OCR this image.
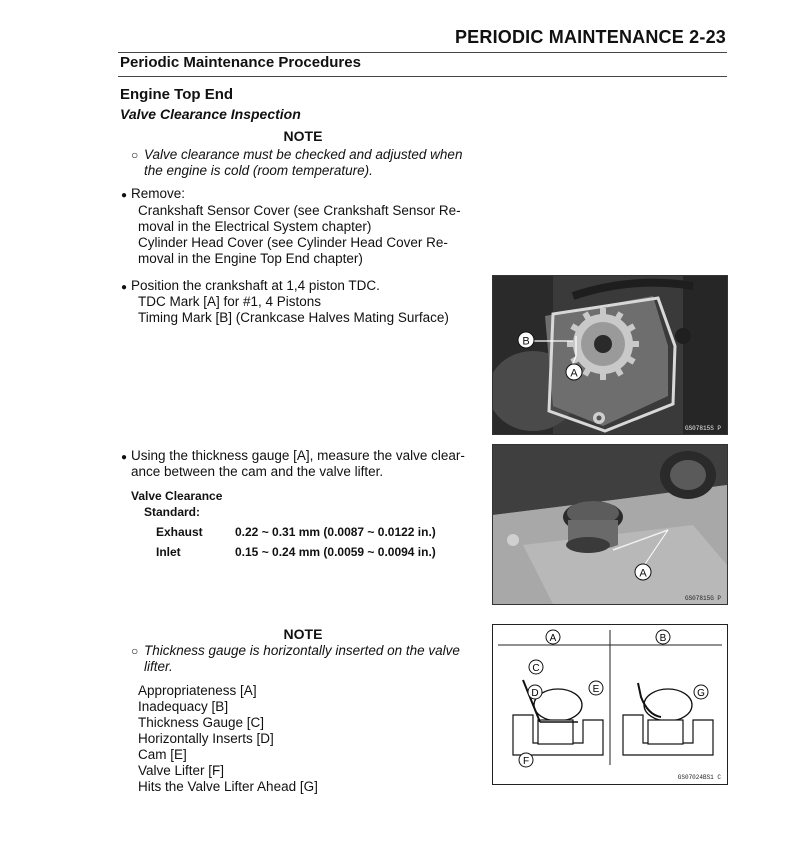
PERIODIC MAINTENANCE 2-23
Periodic Maintenance Procedures
Engine Top End
Valve Clearance Inspection
NOTE
○ Valve clearance must be checked and adjusted when
the engine is cold (room temperature).
● Remove:
Crankshaft Sensor Cover (see Crankshaft Sensor Re-
moval in the Electrical System chapter)
Cylinder Head Cover (see Cylinder Head Cover Re-
moval in the Engine Top End chapter)
● Position the crankshaft at 1,4 piston TDC.
TDC Mark [A] for #1, 4 Pistons
Timing Mark [B] (Crankcase Halves Mating Surface)
● Using the thickness gauge [A], measure the valve clear-
ance between the cam and the valve lifter.
Valve Clearance
Standard:
Exhaust	0.22 ~ 0.31 mm (0.0087 ~ 0.0122 in.)
Inlet	0.15 ~ 0.24 mm (0.0059 ~ 0.0094 in.)
NOTE
○ Thickness gauge is horizontally inserted on the valve
lifter.
Appropriateness [A]
Inadequacy [B]
Thickness Gauge [C]
Horizontally Inserts [D]
Cam [E]
Valve Lifter [F]
Hits the Valve Lifter Ahead [G]
B
A
GS07815S P
A
GS07815G P
A	B
C
D	E
F
G
GS07024BS1 C
